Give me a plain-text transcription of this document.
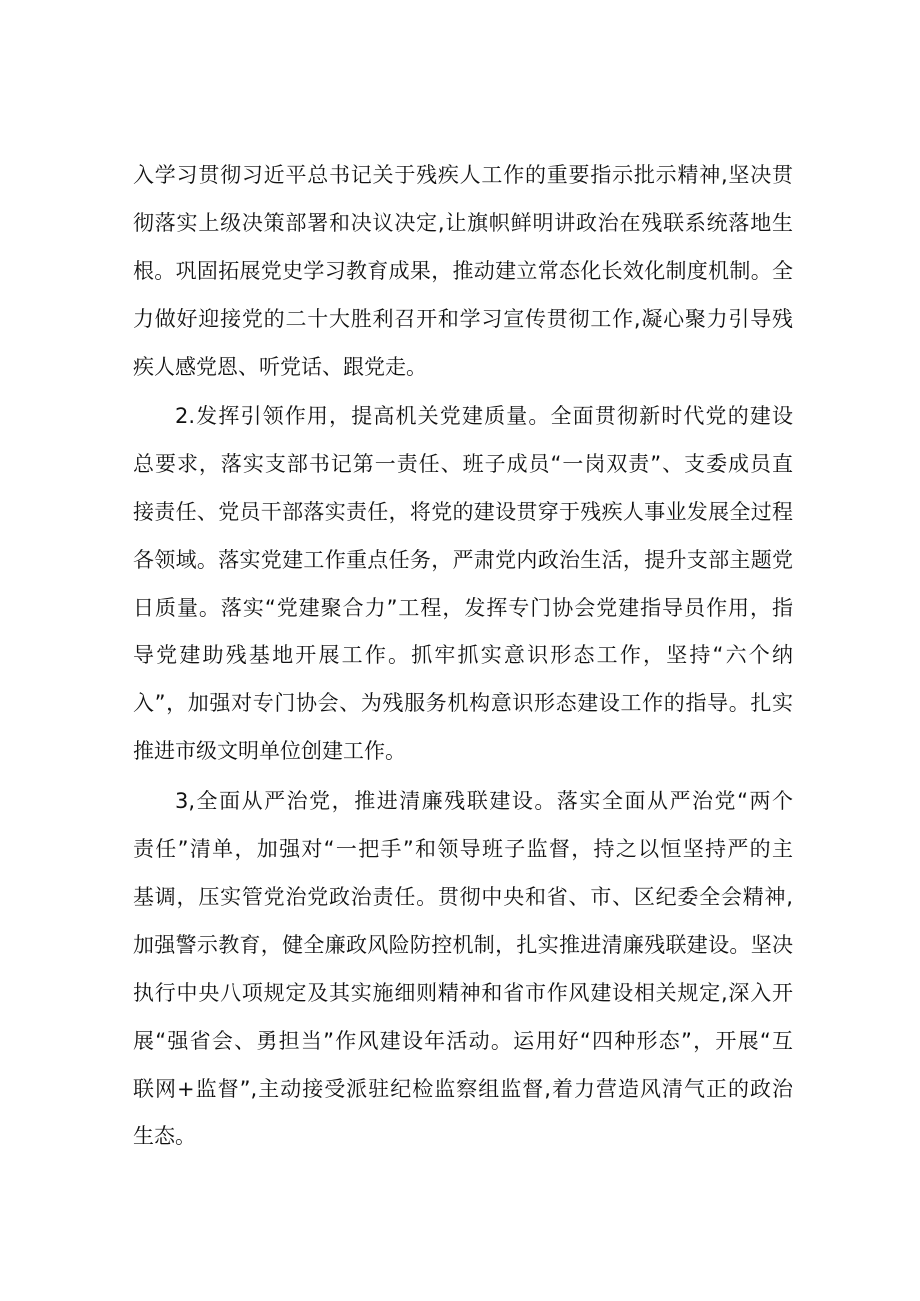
入学习贯彻习近平总书记关于残疾人工作的重要指示批示精神,坚决贯
彻落实上级决策部署和决议决定,让旗帜鲜明讲政治在残联系统落地生
根。巩固拓展党史学习教育成果，推动建立常态化长效化制度机制。全
力做好迎接党的二十大胜利召开和学习宣传贯彻工作,凝心聚力引导残
疾人感党恩、听党话、跟党走。
2.发挥引领作用，提高机关党建质量。全面贯彻新时代党的建设
总要求，落实支部书记第一责任、班子成员“一岗双责”、支委成员直
接责任、党员干部落实责任，将党的建设贯穿于残疾人事业发展全过程
各领域。落实党建工作重点任务，严肃党内政治生活，提升支部主题党
日质量。落实“党建聚合力”工程，发挥专门协会党建指导员作用，指
导党建助残基地开展工作。抓牢抓实意识形态工作，坚持“六个纳
入”，加强对专门协会、为残服务机构意识形态建设工作的指导。扎实
推进市级文明单位创建工作。
3,全面从严治党，推进清廉残联建设。落实全面从严治党“两个
责任”清单，加强对“一把手”和领导班子监督，持之以恒坚持严的主
基调，压实管党治党政治责任。贯彻中央和省、市、区纪委全会精神,
加强警示教育，健全廉政风险防控机制，扎实推进清廉残联建设。坚决
执行中央八项规定及其实施细则精神和省市作风建设相关规定,深入开
展“强省会、勇担当”作风建设年活动。运用好“四种形态”，开展“互
联网+监督”,主动接受派驻纪检监察组监督,着力营造风清气正的政治
生态。
